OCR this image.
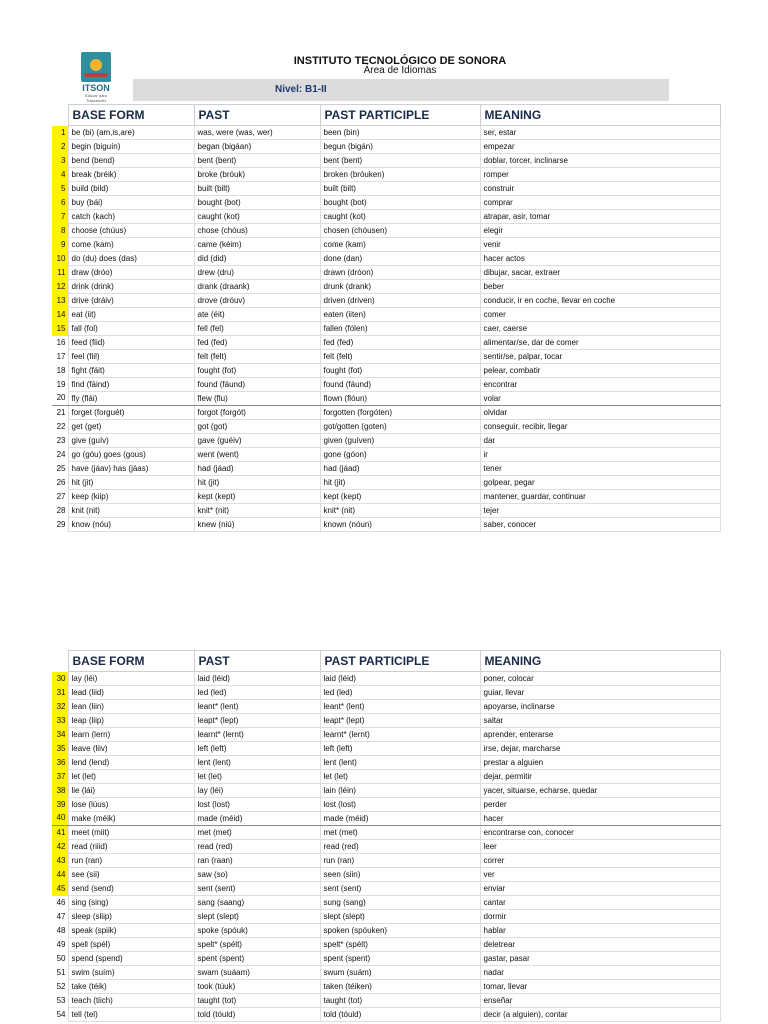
ITSON
Educar para Trascender
INSTITUTO TECNOLÓGICO DE SONORA
Área de Idiomas
Nivel: B1-II
	BASE FORM	PAST	PAST PARTICIPLE	MEANING
1	be (bi) (am,is,are)	was, were (was, wer)	been (bin)	ser, estar
2	begin (biguín)	began (bigáan)	begun (bigán)	empezar
3	bend (bend)	bent (bent)	bent (bent)	doblar, torcer, inclinarse
4	break (bréik)	broke (bróuk)	broken (bróuken)	romper
5	build (bild)	built (bilt)	built (bilt)	construir
6	buy (bái)	bought (bot)	bought (bot)	comprar
7	catch (kach)	caught (kot)	caught (kot)	atrapar, asir, tomar
8	choose (chúus)	chose (chóus)	chosen (chóusen)	elegir
9	come (kam)	came (kéim)	come (kam)	venir
10	do (du) does (das)	did (did)	done (dan)	hacer actos
11	draw (dróo)	drew (dru)	drawn (dróon)	dibujar, sacar, extraer
12	drink (drink)	drank (draank)	drunk (drank)	beber
13	drive (dráiv)	drove (dróuv)	driven (driven)	conducir, ir en coche, llevar en coche
14	eat (iit)	ate (éit)	eaten (iiten)	comer
15	fall (fol)	fell (fel)	fallen (fólen)	caer, caerse
16	feed (fiid)	fed (fed)	fed (fed)	alimentar/se, dar de comer
17	feel (fiil)	felt (felt)	felt (felt)	sentir/se, palpar, tocar
18	fight (fáit)	fought (fot)	fought (fot)	pelear, combatir
19	find (fáind)	found (fáund)	found (fáund)	encontrar
20	fly (flái)	flew (flu)	flown (flóun)	volar
21	forget (forguét)	forgot (forgót)	forgotten (forgóten)	olvidar
22	get (get)	got (got)	got/gotten (goten)	conseguir, recibir, llegar
23	give (guív)	gave (guéiv)	given (guíven)	dar
24	go (góu) goes (gous)	went (went)	gone (góon)	ir
25	have (jáav) has (jáas)	had (jáad)	had (jáad)	tener
26	hit (jit)	hit (jit)	hit (jit)	golpear, pegar
27	keep (kiip)	kept (kept)	kept (kept)	mantener, guardar, continuar
28	knit (nit)	knit* (nit)	knit* (nit)	tejer
29	know (nóu)	knew (niú)	known (nóun)	saber, conocer
	BASE FORM	PAST	PAST PARTICIPLE	MEANING
30	lay (léi)	laid (léid)	laid (léid)	poner, colocar
31	lead (liid)	led (led)	led (led)	guiar, llevar
32	lean (liin)	leant* (lent)	leant* (lent)	apoyarse, inclinarse
33	leap (liip)	leapt* (lept)	leapt* (lept)	saltar
34	learn (lern)	learnt* (lernt)	learnt* (lernt)	aprender, enterarse
35	leave (liiv)	left (left)	left (left)	irse, dejar, marcharse
36	lend (lend)	lent (lent)	lent (lent)	prestar a alguien
37	let (let)	let (let)	let (let)	dejar, permitir
38	lie (lái)	lay (léi)	lain (léin)	yacer, situarse, echarse, quedar
39	lose (lúus)	lost (lost)	lost (lost)	perder
40	make (méik)	made (méid)	made (méid)	hacer
41	meet (miit)	met (met)	met (met)	encontrarse con, conocer
42	read (riiid)	read (red)	read (red)	leer
43	run (ran)	ran (raan)	run (ran)	correr
44	see (sii)	saw (so)	seen (siin)	ver
45	send (send)	sent (sent)	sent (sent)	enviar
46	sing (sing)	sang (saang)	sung (sang)	cantar
47	sleep (sliip)	slept (slept)	slept (slept)	dormir
48	speak (spiik)	spoke (spóuk)	spoken (spóuken)	hablar
49	spell (spél)	spelt* (spélt)	spelt* (spélt)	deletrear
50	spend (spend)	spent (spent)	spent (spent)	gastar, pasar
51	swim (suím)	swam (suáam)	swum (suám)	nadar
52	take (téik)	took (túuk)	taken (téiken)	tomar, llevar
53	teach (tiich)	taught (tot)	taught (tot)	enseñar
54	tell (tel)	told (tóuld)	told (tóuld)	decir (a alguien), contar
